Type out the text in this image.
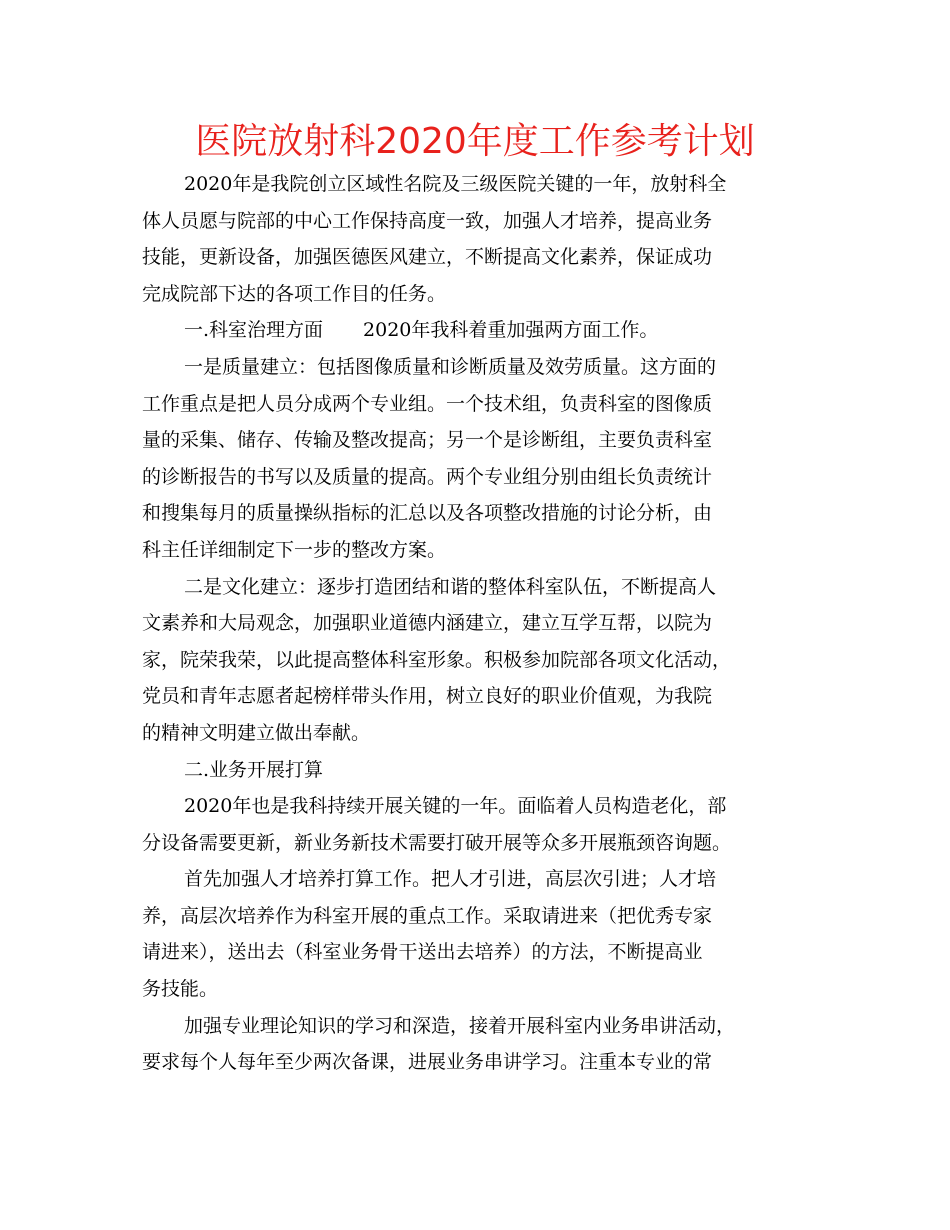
医院放射科2020年度工作参考计划
2020年是我院创立区域性名院及三级医院关键的一年，放射科全
体人员愿与院部的中心工作保持高度一致，加强人才培养，提高业务
技能，更新设备，加强医德医风建立，不断提高文化素养，保证成功
完成院部下达的各项工作目的任务。
一.科室治理方面 2020年我科着重加强两方面工作。
一是质量建立：包括图像质量和诊断质量及效劳质量。这方面的
工作重点是把人员分成两个专业组。一个技术组，负责科室的图像质
量的采集、储存、传输及整改提高；另一个是诊断组，主要负责科室
的诊断报告的书写以及质量的提高。两个专业组分别由组长负责统计
和搜集每月的质量操纵指标的汇总以及各项整改措施的讨论分析，由
科主任详细制定下一步的整改方案。
二是文化建立：逐步打造团结和谐的整体科室队伍，不断提高人
文素养和大局观念，加强职业道德内涵建立，建立互学互帮，以院为
家，院荣我荣，以此提高整体科室形象。积极参加院部各项文化活动，
党员和青年志愿者起榜样带头作用，树立良好的职业价值观，为我院
的精神文明建立做出奉献。
二.业务开展打算
2020年也是我科持续开展关键的一年。面临着人员构造老化，部
分设备需要更新，新业务新技术需要打破开展等众多开展瓶颈咨询题。
首先加强人才培养打算工作。把人才引进，高层次引进；人才培
养，高层次培养作为科室开展的重点工作。采取请进来（把优秀专家
请进来），送出去（科室业务骨干送出去培养）的方法，不断提高业
务技能。
加强专业理论知识的学习和深造，接着开展科室内业务串讲活动，
要求每个人每年至少两次备课，进展业务串讲学习。注重本专业的常
